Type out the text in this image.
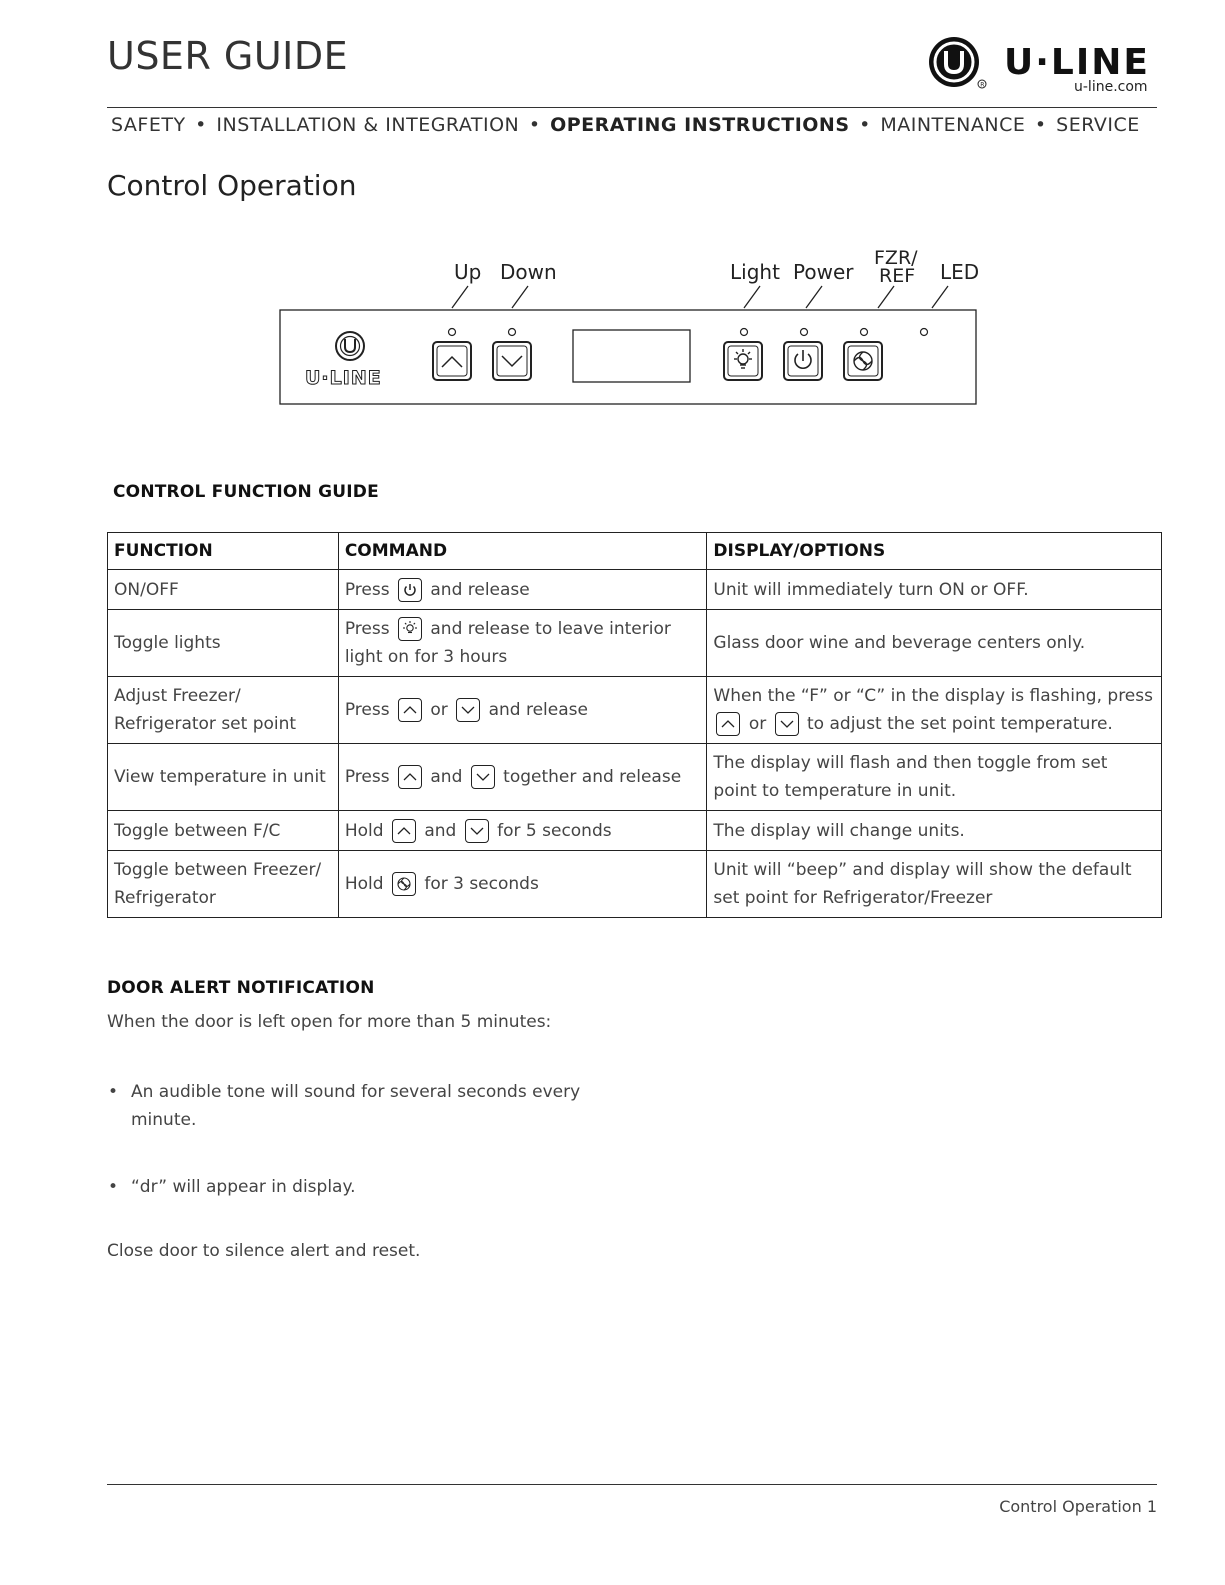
USER GUIDE
R
U·LINE
u-line.com
SAFETY • INSTALLATION & INTEGRATION • OPERATING INSTRUCTIONS • MAINTENANCE • SERVICE
Control Operation
Up Down	Light Power
FZR/
REF LED
U·LINE
CONTROL FUNCTION GUIDE
FUNCTION	COMMAND	DISPLAY/OPTIONS
ON/OFF	Press and release	Unit will immediately turn ON or OFF.
Toggle lights	Press and release to leave interior light on for 3 hours	Glass door wine and beverage centers only.
Adjust Freezer/ Refrigerator set point	Press or and release	When the “F” or “C” in the display is flashing, press
or to adjust the set point temperature.
View temperature in unit	Press and together and release	The display will flash and then toggle from set point to temperature in unit.
Toggle between F/C	Hold and for 5 seconds	The display will change units.
Toggle between Freezer/ Refrigerator	Hold for 3 seconds	Unit will “beep” and display will show the default set point for Refrigerator/Freezer
DOOR ALERT NOTIFICATION
When the door is left open for more than 5 minutes:
• An audible tone will sound for several seconds every minute.
• “dr” will appear in display.
Close door to silence alert and reset.
Control Operation 1
